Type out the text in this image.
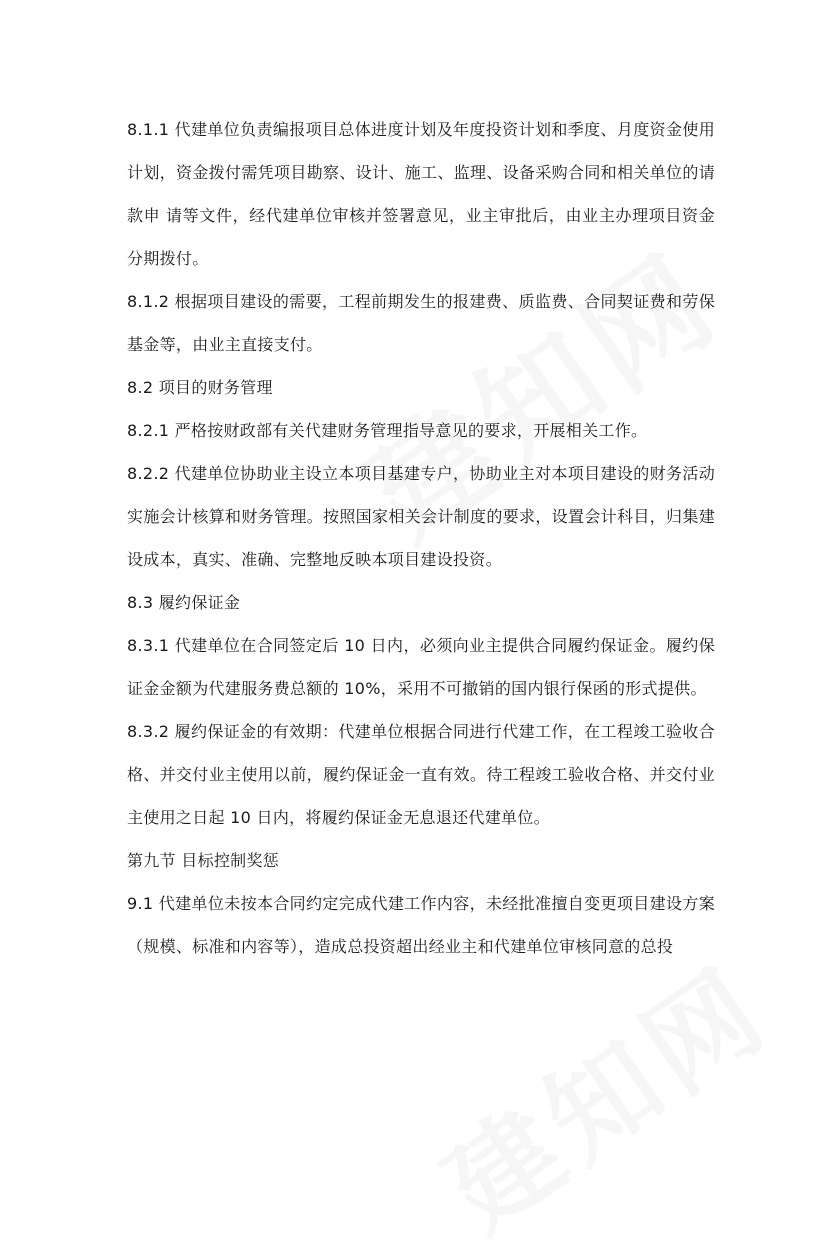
8.1.1 代建单位负责编报项目总体进度计划及年度投资计划和季度、月度资金使用计划，资金拨付需凭项目勘察、设计、施工、监理、设备采购合同和相关单位的请款申 请等文件，经代建单位审核并签署意见，业主审批后，由业主办理项目资金分期拨付。

8.1.2 根据项目建设的需要，工程前期发生的报建费、质监费、合同契证费和劳保基金等，由业主直接支付。

8.2 项目的财务管理

8.2.1 严格按财政部有关代建财务管理指导意见的要求，开展相关工作。

8.2.2 代建单位协助业主设立本项目基建专户，协助业主对本项目建设的财务活动实施会计核算和财务管理。按照国家相关会计制度的要求，设置会计科目，归集建设成本，真实、准确、完整地反映本项目建设投资。

8.3 履约保证金

8.3.1 代建单位在合同签定后 10 日内，必须向业主提供合同履约保证金。履约保证金金额为代建服务费总额的 10%，采用不可撤销的国内银行保函的形式提供。

8.3.2 履约保证金的有效期：代建单位根据合同进行代建工作，在工程竣工验收合格、并交付业主使用以前，履约保证金一直有效。待工程竣工验收合格、并交付业主使用之日起 10 日内，将履约保证金无息退还代建单位。

第九节 目标控制奖惩

9.1 代建单位未按本合同约定完成代建工作内容，未经批准擅自变更项目建设方案（规模、标准和内容等），造成总投资超出经业主和代建单位审核同意的总投
